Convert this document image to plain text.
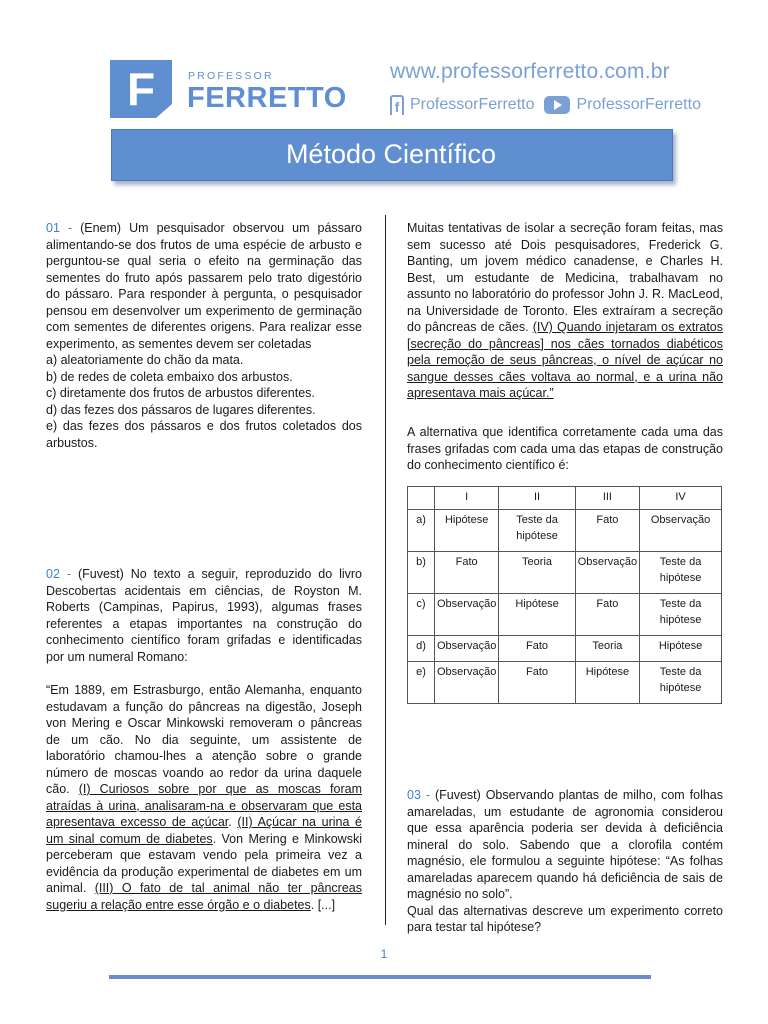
F	PROFESSOR
FERRETTO
www.professorferretto.com.br
f ProfessorFerretto	ProfessorFerretto
Método Científico

01 - (Enem) Um pesquisador observou um pássaro alimentando-se dos frutos de uma espécie de arbusto e perguntou-se qual seria o efeito na germinação das sementes do fruto após passarem pelo trato digestório do pássaro. Para responder à pergunta, o pesquisador pensou em desenvolver um experimento de germinação com sementes de diferentes origens. Para realizar esse experimento, as sementes devem ser coletadas

a) aleatoriamente do chão da mata.
b) de redes de coleta embaixo dos arbustos.
c) diretamente dos frutos de arbustos diferentes.
d) das fezes dos pássaros de lugares diferentes.
e) das fezes dos pássaros e dos frutos coletados dos arbustos.

02 - (Fuvest) No texto a seguir, reproduzido do livro Descobertas acidentais em ciências, de Royston M. Roberts (Campinas, Papirus, 1993), algumas frases referentes a etapas importantes na construção do conhecimento científico foram grifadas e identificadas por um numeral Romano:

“Em 1889, em Estrasburgo, então Alemanha, enquanto estudavam a função do pâncreas na digestão, Joseph von Mering e Oscar Minkowski removeram o pâncreas de um cão. No dia seguinte, um assistente de laboratório chamou-lhes a atenção sobre o grande número de moscas voando ao redor da urina daquele cão. (I) Curiosos sobre por que as moscas foram atraídas à urina, analisaram-na e observaram que esta apresentava excesso de açúcar. (II) Açúcar na urina é um sinal comum de diabetes. Von Mering e Minkowski perceberam que estavam vendo pela primeira vez a evidência da produção experimental de diabetes em um animal. (III) O fato de tal animal não ter pâncreas sugeriu a relação entre esse órgão e o diabetes. [...]

Muitas tentativas de isolar a secreção foram feitas, mas sem sucesso até Dois pesquisadores, Frederick G. Banting, um jovem médico canadense, e Charles H. Best, um estudante de Medicina, trabalhavam no assunto no laboratório do professor John J. R. MacLeod, na Universidade de Toronto. Eles extraíram a secreção do pâncreas de cães. (IV) Quando injetaram os extratos [secreção do pâncreas] nos cães tornados diabéticos pela remoção de seus pâncreas, o nível de açúcar no sangue desses cães voltava ao normal, e a urina não apresentava mais açúcar.”

A alternativa que identifica corretamente cada uma das frases grifadas com cada uma das etapas de construção do conhecimento científico é:
	I	II	III	IV
a)	Hipótese	Teste da hipótese	Fato	Observação
b)	Fato	Teoria	Observação	Teste da hipótese
c)	Observação	Hipótese	Fato	Teste da hipótese
d)	Observação	Fato	Teoria	Hipótese
e)	Observação	Fato	Hipótese	Teste da hipótese

03 - (Fuvest) Observando plantas de milho, com folhas amareladas, um estudante de agronomia considerou que essa aparência poderia ser devida à deficiência mineral do solo. Sabendo que a clorofila contém magnésio, ele formulou a seguinte hipótese: “As folhas amareladas aparecem quando há deficiência de sais de magnésio no solo”.

Qual das alternativas descreve um experimento correto para testar tal hipótese?

1
